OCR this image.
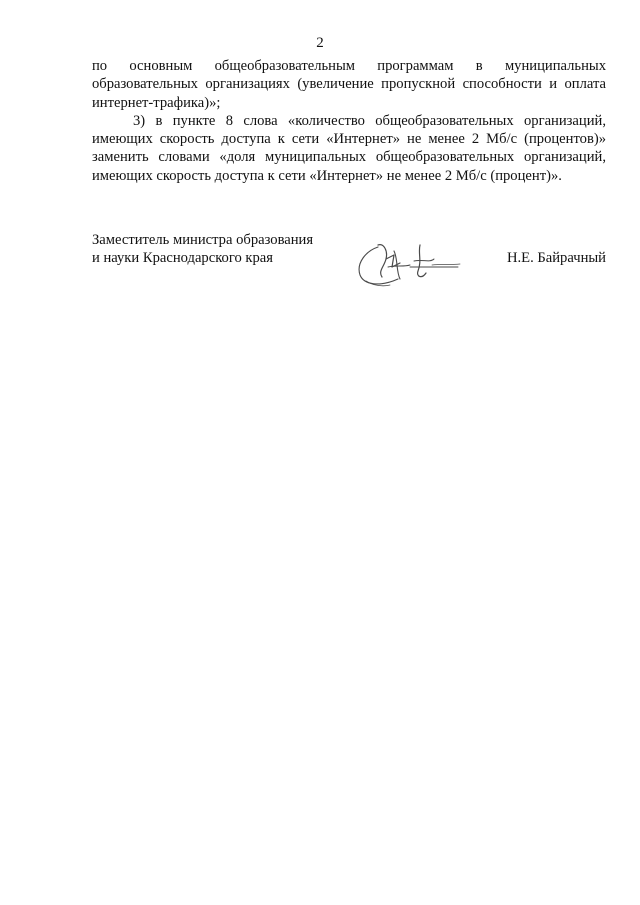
2

по основным общеобразовательным программам в муниципальных образовательных организациях (увеличение пропускной способности и оплата интернет-трафика)»;

3) в пункте 8 слова «количество общеобразовательных организаций, имеющих скорость доступа к сети «Интернет» не менее 2 Мб/с (процентов)» заменить словами «доля муниципальных общеобразовательных организаций, имеющих скорость доступа к сети «Интернет» не менее 2 Мб/с (процент)».

Заместитель министра образования
и науки Краснодарского края	Н.Е. Байрачный
